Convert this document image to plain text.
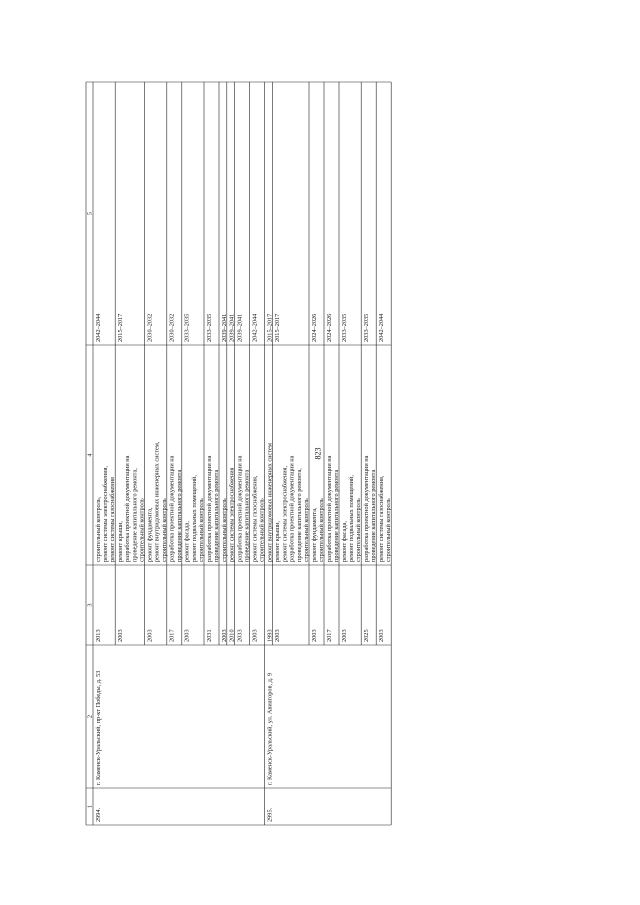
823
1
2
3
4
5
2013
строительный контроль, ремонт системы электроснабжения, ремонт системы газоснабжения
2042–2044
2003
ремонт крыши, разработка проектной документации на проведение капитального ремонта, строительный контроль
2015–2017
2003
ремонт фундамента, ремонт внутридомовых инженерных систем, строительный контроль
2030–2032
2017
разработка проектной документации на проведение капитального ремонта
2030–2032
2003
ремонт фасада, ремонт подвальных помещений, строительный контроль
2033–2035
2031
разработка проектной документации на проведение капитального ремонта
2033–2035
2003
строительный контроль
2039–2041
2010
ремонт системы электроснабжения
2039–2041
2033
разработка проектной документации на проведение капитального ремонта
2039–2041
2003
ремонт системы газоснабжения, строительный контроль
2042–2044
2994.
г. Каменск-Уральский, пр-кт Победы, д. 53
1993
ремонт внутридомовых инженерных систем
2015–2017
2003
ремонт крыши, ремонт системы электроснабжения, разработка проектной документации на проведение капитального ремонта, строительный контроль
2015–2017
2003
ремонт фундамента, строительный контроль
2024–2026
2017
разработка проектной документации на проведение капитального ремонта
2024–2026
2003
ремонт фасада, ремонт подвальных помещений, строительный контроль
2033–2035
2025
разработка проектной документации на проведение капитального ремонта
2033–2035
2003
ремонт системы газоснабжения, строительный контроль
2042–2044
2995.
г. Каменск-Уральский, ул. Авиаторов, д. 9
